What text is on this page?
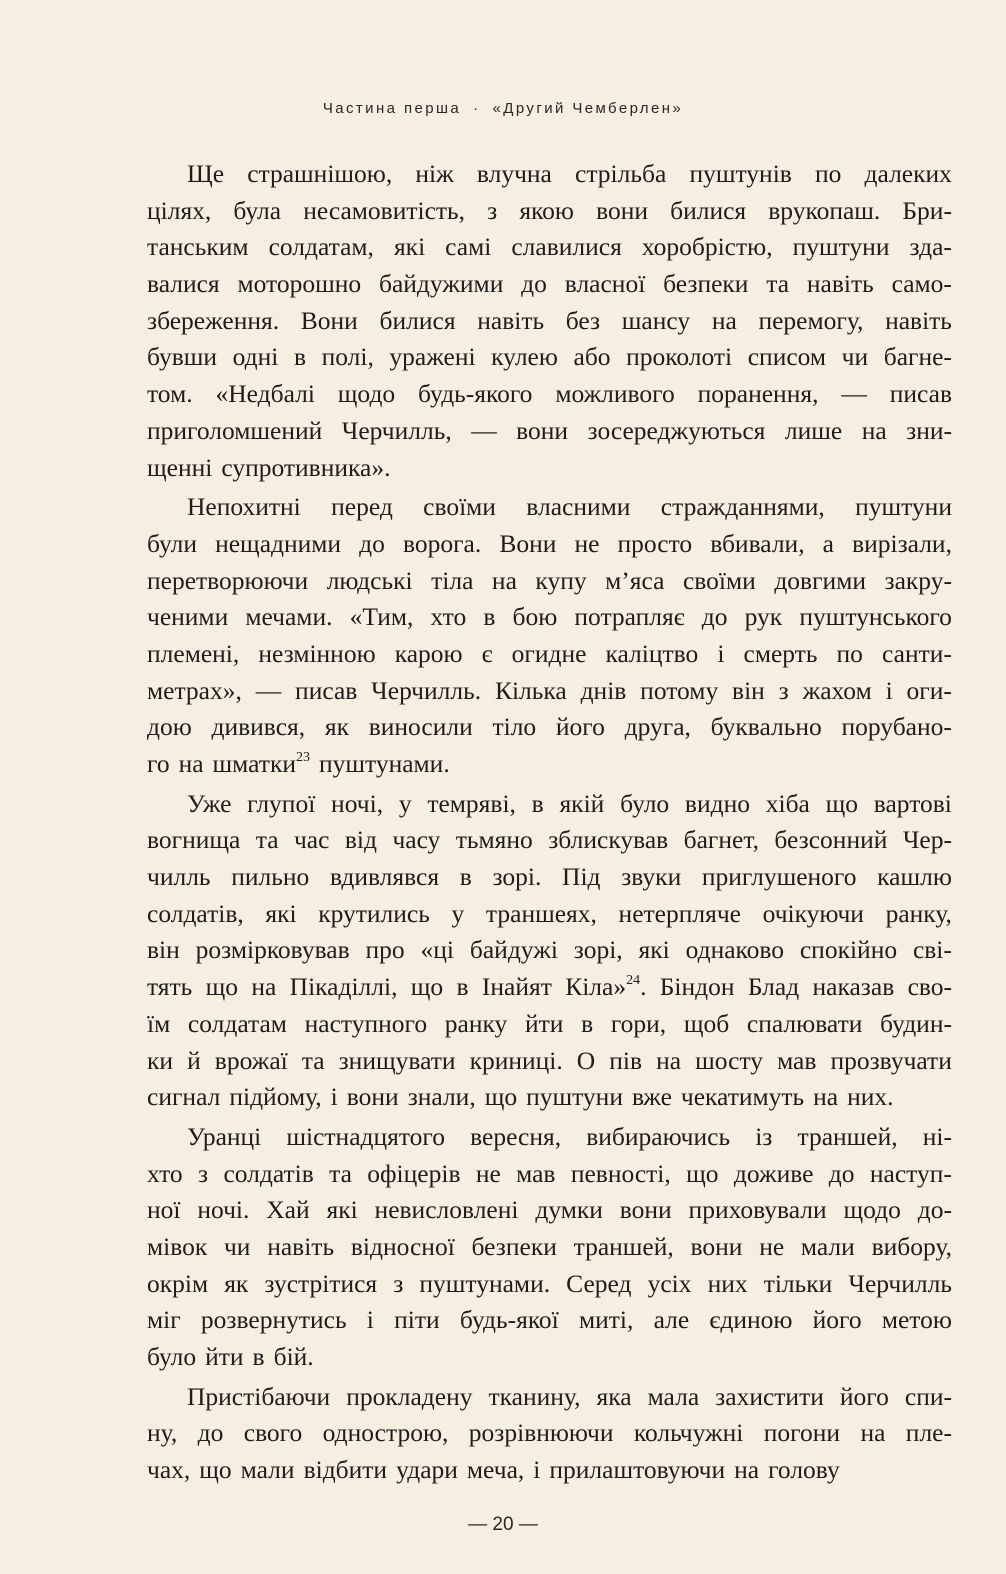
Частина перша · «Другий Чемберлен»
Ще страшнішою, ніж влучна стрільба пуштунів по далеких
цілях, була несамовитість, з якою вони билися врукопаш. Бри-
танським солдатам, які самі славилися хоробрістю, пуштуни зда-
валися моторошно байдужими до власної безпеки та навіть само-
збереження. Вони билися навіть без шансу на перемогу, навіть
бувши одні в полі, уражені кулею або проколоті списом чи багне-
том. «Недбалі щодо будь-якого можливого поранення, — писав
приголомшений Черчилль, — вони зосереджуються лише на зни-
щенні супротивника».
Непохитні перед своїми власними стражданнями, пуштуни
були нещадними до ворога. Вони не просто вбивали, а вирізали,
перетворюючи людські тіла на купу м’яса своїми довгими закру-
ченими мечами. «Тим, хто в бою потрапляє до рук пуштунського
племені, незмінною карою є огидне каліцтво і смерть по санти-
метрах», — писав Черчилль. Кілька днів потому він з жахом і оги-
дою дивився, як виносили тіло його друга, буквально порубано-
го на шматки$^{23}$ пуштунами.
Уже глупої ночі, у темряві, в якій було видно хіба що вартові
вогнища та час від часу тьмяно зблискував багнет, безсонний Чер-
чилль пильно вдивлявся в зорі. Під звуки приглушеного кашлю
солдатів, які крутились у траншеях, нетерпляче очікуючи ранку,
він розмірковував про «ці байдужі зорі, які однаково спокійно сві-
тять що на Пікаділлі, що в Інайят Кіла»$^{24}$. Біндон Блад наказав сво-
їм солдатам наступного ранку йти в гори, щоб спалювати будин-
ки й врожаї та знищувати криниці. О пів на шосту мав прозвучати
сигнал підйому, і вони знали, що пуштуни вже чекатимуть на них.
Уранці шістнадцятого вересня, вибираючись із траншей, ні-
хто з солдатів та офіцерів не мав певності, що доживе до наступ-
ної ночі. Хай які невисловлені думки вони приховували щодо до-
мівок чи навіть відносної безпеки траншей, вони не мали вибору,
окрім як зустрітися з пуштунами. Серед усіх них тільки Черчилль
міг розвернутись і піти будь-якої миті, але єдиною його метою
було йти в бій.
Пристібаючи прокладену тканину, яка мала захистити його спи-
ну, до свого однострою, розрівнюючи кольчужні погони на пле-
чах, що мали відбити удари меча, і прилаштовуючи на голову
— 20 —
